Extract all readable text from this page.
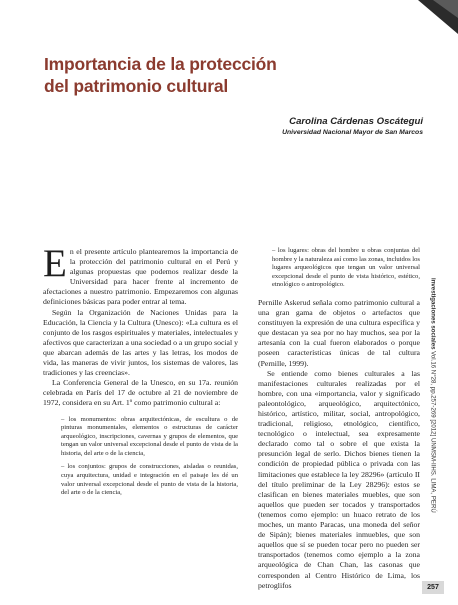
Importancia de la protección
del patrimonio cultural
Carolina Cárdenas Oscátegui
Universidad Nacional Mayor de San Marcos

En el presente artículo plantearemos la importancia de la protección del patrimonio cultural en el Perú y algunas propuestas que podemos realizar desde la Universidad para hacer frente al incremento de afectaciones a nuestro patrimonio. Empezaremos con algunas definiciones básicas para poder entrar al tema.

Según la Organización de Naciones Unidas para la Educación, la Ciencia y la Cultura (Unesco): «La cultura es el conjunto de los rasgos espirituales y materiales, intelectuales y afectivos que caracterizan a una sociedad o a un grupo social y que abarcan además de las artes y las letras, los modos de vida, las maneras de vivir juntos, los sistemas de valores, las tradiciones y las creencias».

La Conferencia General de la Unesco, en su 17a. reunión celebrada en París del 17 de octubre al 21 de noviembre de 1972, considera en su Art. 1º como patrimonio cultural a:

– los monumentos: obras arquitectónicas, de escultura o de pinturas monumentales, elementos o estructuras de carácter arqueológico, inscripciones, cavernas y grupos de elementos, que tengan un valor universal excepcional desde el punto de vista de la historia, del arte o de la ciencia,

– los conjuntos: grupos de construcciones, aisladas o reunidas, cuya arquitectura, unidad e integración en el paisaje les dé un valor universal excepcional desde el punto de vista de la historia, del arte o de la ciencia,

– los lugares: obras del hombre u obras conjuntas del hombre y la naturaleza así como las zonas, incluidos los lugares arqueológicos que tengan un valor universal excepcional desde el punto de vista histórico, estético, etnológico o antropológico.

Pernille Askerud señala como patrimonio cultural a una gran gama de objetos o artefactos que constituyen la expresión de una cultura específica y que destacan ya sea por no hay muchos, sea por la artesanía con la cual fueron elaborados o porque poseen características únicas de tal cultura (Pernille, 1999).

Se entiende como bienes culturales a las manifestaciones culturales realizadas por el hombre, con una «importancia, valor y significado paleontológico, arqueológico, arquitectónico, histórico, artístico, militar, social, antropológico, tradicional, religioso, etnológico, científico, tecnológico o intelectual, sea expresamente declarado como tal o sobre el que exista la presunción legal de serlo. Dichos bienes tienen la condición de propiedad pública o privada con las limitaciones que establece la ley 28296» (artículo II del título preliminar de la Ley 28296): estos se clasifican en bienes materiales muebles, que son aquellos que pueden ser tocados y transportados (tenemos como ejemplo: un huaco retrato de los moches, un manto Paracas, una moneda del señor de Sipán); bienes materiales inmuebles, que son aquellos que sí se pueden tocar pero no pueden ser transportados (tenemos como ejemplo a la zona arqueológica de Chan Chan, las casonas que corresponden al Centro Histórico de Lima, los petroglifos

investigaciones sociales Vol.16 N°28, pp.257-269 [2012] UNMSM-IIHS. LIMA, PERÚ
257
